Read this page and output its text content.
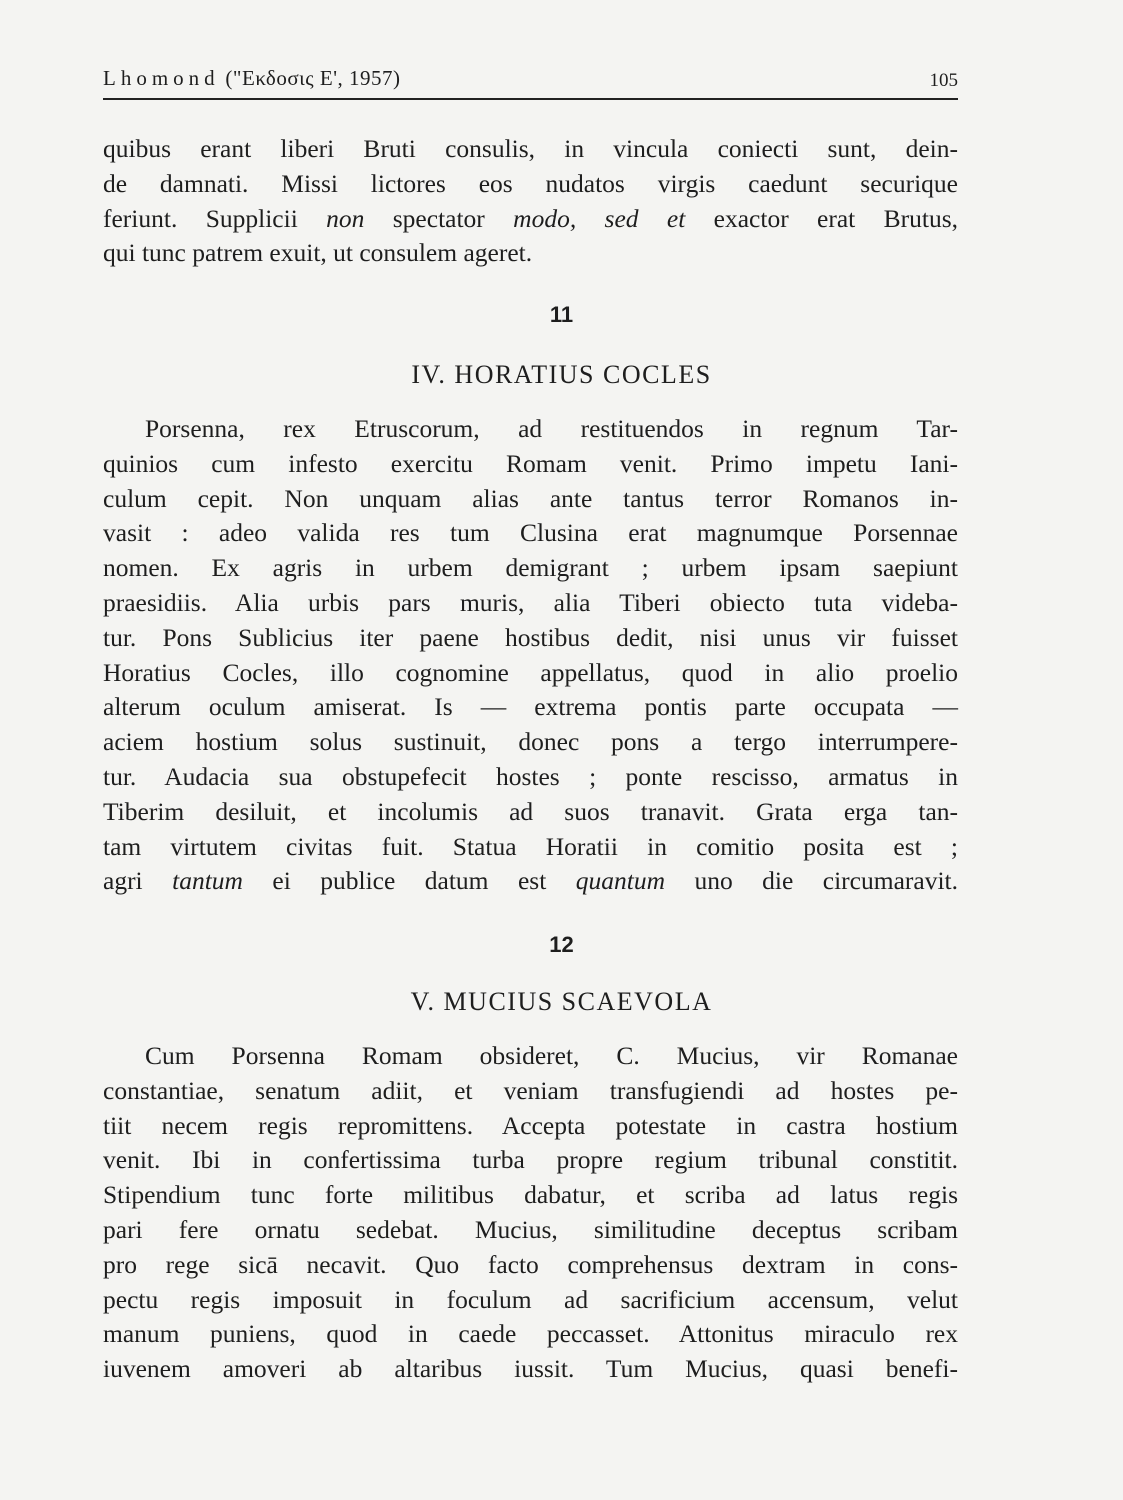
Lhomond ("Εκδοσις Ε', 1957)	105
quibus erant liberi Bruti consulis, in vincula coniecti sunt, dein-
de damnati. Missi lictores eos nudatos virgis caedunt securique
feriunt. Supplicii non spectator modo, sed et exactor erat Brutus,
qui tunc patrem exuit, ut consulem ageret.
11
IV. HORATIUS COCLES
Porsenna, rex Etruscorum, ad restituendos in regnum Tar-
quinios cum infesto exercitu Romam venit. Primo impetu Iani-
culum cepit. Non unquam alias ante tantus terror Romanos in-
vasit : adeo valida res tum Clusina erat magnumque Porsennae
nomen. Ex agris in urbem demigrant ; urbem ipsam saepiunt
praesidiis. Alia urbis pars muris, alia Tiberi obiecto tuta videba-
tur. Pons Sublicius iter paene hostibus dedit, nisi unus vir fuisset
Horatius Cocles, illo cognomine appellatus, quod in alio proelio
alterum oculum amiserat. Is — extrema pontis parte occupata —
aciem hostium solus sustinuit, donec pons a tergo interrumpere-
tur. Audacia sua obstupefecit hostes ; ponte rescisso, armatus in
Tiberim desiluit, et incolumis ad suos tranavit. Grata erga tan-
tam virtutem civitas fuit. Statua Horatii in comitio posita est ;
agri tantum ei publice datum est quantum uno die circumaravit.
12
V. MUCIUS SCAEVOLA
Cum Porsenna Romam obsideret, C. Mucius, vir Romanae
constantiae, senatum adiit, et veniam transfugiendi ad hostes pe-
tiit necem regis repromittens. Accepta potestate in castra hostium
venit. Ibi in confertissima turba propre regium tribunal constitit.
Stipendium tunc forte militibus dabatur, et scriba ad latus regis
pari fere ornatu sedebat. Mucius, similitudine deceptus scribam
pro rege sicā necavit. Quo facto comprehensus dextram in cons-
pectu regis imposuit in foculum ad sacrificium accensum, velut
manum puniens, quod in caede peccasset. Attonitus miraculo rex
iuvenem amoveri ab altaribus iussit. Tum Mucius, quasi benefi-
